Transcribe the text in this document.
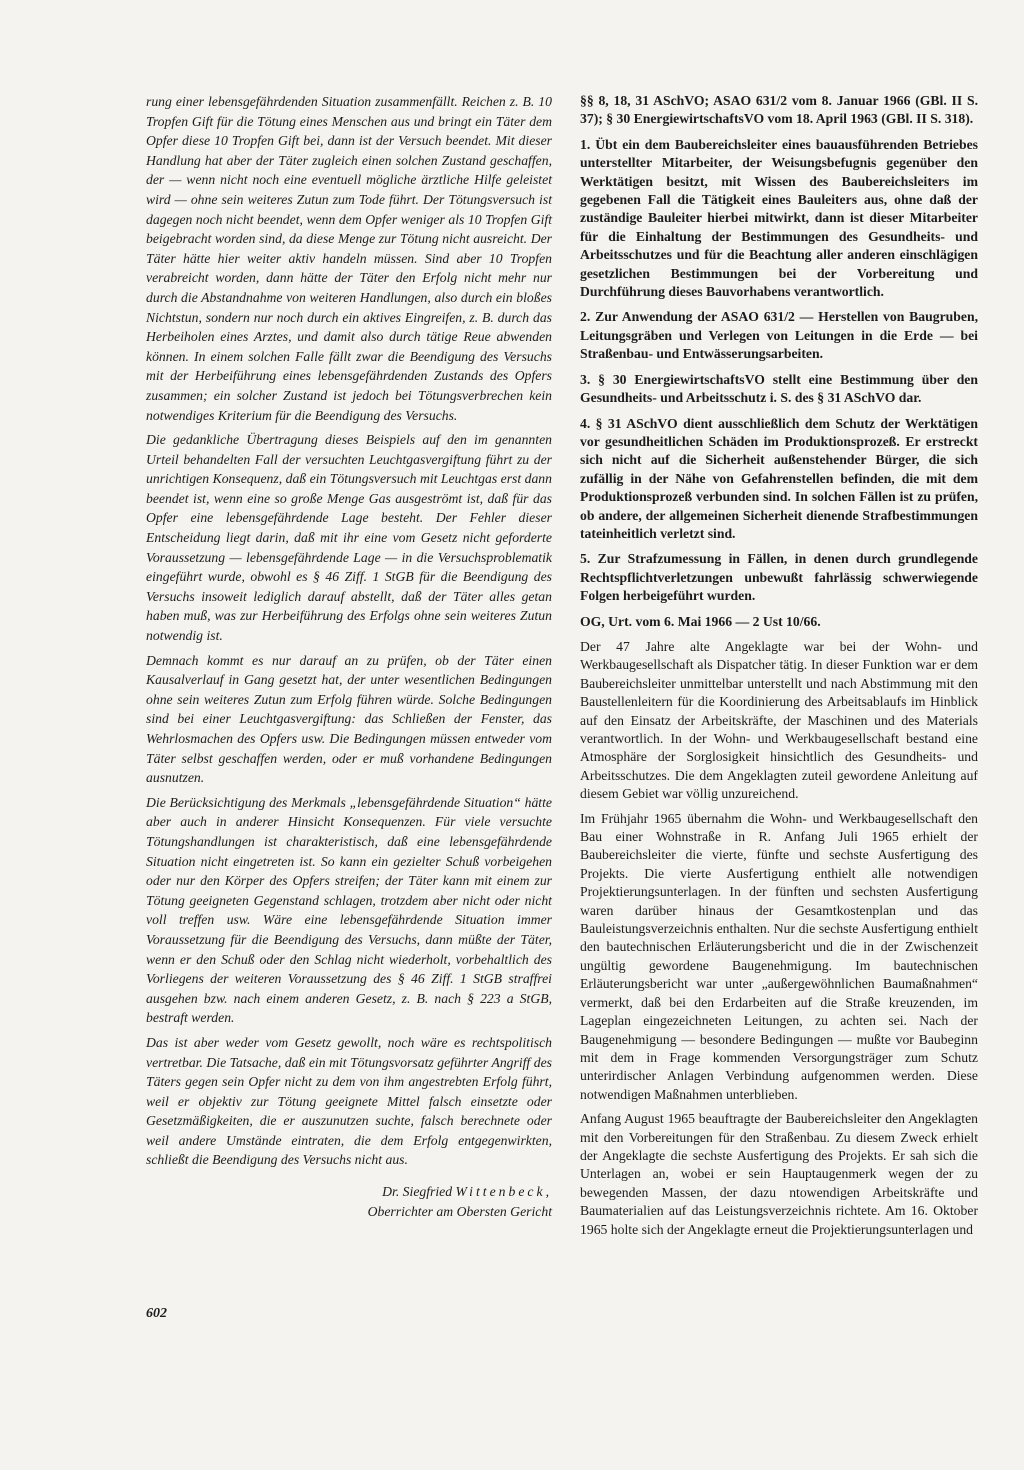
rung einer lebensgefährdenden Situation zusammenfällt. Reichen z. B. 10 Tropfen Gift für die Tötung eines Menschen aus und bringt ein Täter dem Opfer diese 10 Tropfen Gift bei, dann ist der Versuch beendet. Mit dieser Handlung hat aber der Täter zugleich einen solchen Zustand geschaffen, der — wenn nicht noch eine eventuell mögliche ärztliche Hilfe geleistet wird — ohne sein weiteres Zutun zum Tode führt. Der Tötungsversuch ist dagegen noch nicht beendet, wenn dem Opfer weniger als 10 Tropfen Gift beigebracht worden sind, da diese Menge zur Tötung nicht ausreicht. Der Täter hätte hier weiter aktiv handeln müssen. Sind aber 10 Tropfen verabreicht worden, dann hätte der Täter den Erfolg nicht mehr nur durch die Abstandnahme von weiteren Handlungen, also durch ein bloßes Nichtstun, sondern nur noch durch ein aktives Eingreifen, z. B. durch das Herbeiholen eines Arztes, und damit also durch tätige Reue abwenden können. In einem solchen Falle fällt zwar die Beendigung des Versuchs mit der Herbeiführung eines lebensgefährdenden Zustands des Opfers zusammen; ein solcher Zustand ist jedoch bei Tötungsverbrechen kein notwendiges Kriterium für die Beendigung des Versuchs.

Die gedankliche Übertragung dieses Beispiels auf den im genannten Urteil behandelten Fall der versuchten Leuchtgasvergiftung führt zu der unrichtigen Konsequenz, daß ein Tötungsversuch mit Leuchtgas erst dann beendet ist, wenn eine so große Menge Gas ausgeströmt ist, daß für das Opfer eine lebensgefährdende Lage besteht. Der Fehler dieser Entscheidung liegt darin, daß mit ihr eine vom Gesetz nicht geforderte Voraussetzung — lebensgefährdende Lage — in die Versuchsproblematik eingeführt wurde, obwohl es § 46 Ziff. 1 StGB für die Beendigung des Versuchs insoweit lediglich darauf abstellt, daß der Täter alles getan haben muß, was zur Herbeiführung des Erfolgs ohne sein weiteres Zutun notwendig ist.

Demnach kommt es nur darauf an zu prüfen, ob der Täter einen Kausalverlauf in Gang gesetzt hat, der unter wesentlichen Bedingungen ohne sein weiteres Zutun zum Erfolg führen würde. Solche Bedingungen sind bei einer Leuchtgasvergiftung: das Schließen der Fenster, das Wehrlosmachen des Opfers usw. Die Bedingungen müssen entweder vom Täter selbst geschaffen werden, oder er muß vorhandene Bedingungen ausnutzen.

Die Berücksichtigung des Merkmals „lebensgefährdende Situation“ hätte aber auch in anderer Hinsicht Konsequenzen. Für viele versuchte Tötungshandlungen ist charakteristisch, daß eine lebensgefährdende Situation nicht eingetreten ist. So kann ein gezielter Schuß vorbeigehen oder nur den Körper des Opfers streifen; der Täter kann mit einem zur Tötung geeigneten Gegenstand schlagen, trotzdem aber nicht oder nicht voll treffen usw. Wäre eine lebensgefährdende Situation immer Voraussetzung für die Beendigung des Versuchs, dann müßte der Täter, wenn er den Schuß oder den Schlag nicht wiederholt, vorbehaltlich des Vorliegens der weiteren Voraussetzung des § 46 Ziff. 1 StGB straffrei ausgehen bzw. nach einem anderen Gesetz, z. B. nach § 223 a StGB, bestraft werden.

Das ist aber weder vom Gesetz gewollt, noch wäre es rechtspolitisch vertretbar. Die Tatsache, daß ein mit Tötungsvorsatz geführter Angriff des Täters gegen sein Opfer nicht zu dem von ihm angestrebten Erfolg führt, weil er objektiv zur Tötung geeignete Mittel falsch einsetzte oder Gesetzmäßigkeiten, die er auszunutzen suchte, falsch berechnete oder weil andere Umstände eintraten, die dem Erfolg entgegenwirkten, schließt die Beendigung des Versuchs nicht aus.

Dr. Siegfried Wittenbeck,
Oberrichter am Obersten Gericht

§§ 8, 18, 31 ASchVO; ASAO 631/2 vom 8. Januar 1966 (GBl. II S. 37); § 30 EnergiewirtschaftsVO vom 18. April 1963 (GBl. II S. 318).

1. Übt ein dem Baubereichsleiter eines bauausführenden Betriebes unterstellter Mitarbeiter, der Weisungsbefugnis gegenüber den Werktätigen besitzt, mit Wissen des Baubereichsleiters im gegebenen Fall die Tätigkeit eines Bauleiters aus, ohne daß der zuständige Bauleiter hierbei mitwirkt, dann ist dieser Mitarbeiter für die Einhaltung der Bestimmungen des Gesundheits- und Arbeitsschutzes und für die Beachtung aller anderen einschlägigen gesetzlichen Bestimmungen bei der Vorbereitung und Durchführung dieses Bauvorhabens verantwortlich.

2. Zur Anwendung der ASAO 631/2 — Herstellen von Baugruben, Leitungsgräben und Verlegen von Leitungen in die Erde — bei Straßenbau- und Entwässerungsarbeiten.

3. § 30 EnergiewirtschaftsVO stellt eine Bestimmung über den Gesundheits- und Arbeitsschutz i. S. des § 31 ASchVO dar.

4. § 31 ASchVO dient ausschließlich dem Schutz der Werktätigen vor gesundheitlichen Schäden im Produktionsprozeß. Er erstreckt sich nicht auf die Sicherheit außenstehender Bürger, die sich zufällig in der Nähe von Gefahrenstellen befinden, die mit dem Produktionsprozeß verbunden sind. In solchen Fällen ist zu prüfen, ob andere, der allgemeinen Sicherheit dienende Strafbestimmungen tateinheitlich verletzt sind.

5. Zur Strafzumessung in Fällen, in denen durch grundlegende Rechtspflichtverletzungen unbewußt fahrlässig schwerwiegende Folgen herbeigeführt wurden.

OG, Urt. vom 6. Mai 1966 — 2 Ust 10/66.

Der 47 Jahre alte Angeklagte war bei der Wohn- und Werkbaugesellschaft als Dispatcher tätig. In dieser Funktion war er dem Baubereichsleiter unmittelbar unterstellt und nach Abstimmung mit den Baustellenleitern für die Koordinierung des Arbeitsablaufs im Hinblick auf den Einsatz der Arbeitskräfte, der Maschinen und des Materials verantwortlich. In der Wohn- und Werkbaugesellschaft bestand eine Atmosphäre der Sorglosigkeit hinsichtlich des Gesundheits- und Arbeitsschutzes. Die dem Angeklagten zuteil gewordene Anleitung auf diesem Gebiet war völlig unzureichend.

Im Frühjahr 1965 übernahm die Wohn- und Werkbaugesellschaft den Bau einer Wohnstraße in R. Anfang Juli 1965 erhielt der Baubereichsleiter die vierte, fünfte und sechste Ausfertigung des Projekts. Die vierte Ausfertigung enthielt alle notwendigen Projektierungsunterlagen. In der fünften und sechsten Ausfertigung waren darüber hinaus der Gesamtkostenplan und das Bauleistungsverzeichnis enthalten. Nur die sechste Ausfertigung enthielt den bautechnischen Erläuterungsbericht und die in der Zwischenzeit ungültig gewordene Baugenehmigung. Im bautechnischen Erläuterungsbericht war unter „außergewöhnlichen Baumaßnahmen“ vermerkt, daß bei den Erdarbeiten auf die Straße kreuzenden, im Lageplan eingezeichneten Leitungen, zu achten sei. Nach der Baugenehmigung — besondere Bedingungen — mußte vor Baubeginn mit dem in Frage kommenden Versorgungsträger zum Schutz unterirdischer Anlagen Verbindung aufgenommen werden. Diese notwendigen Maßnahmen unterblieben.

Anfang August 1965 beauftragte der Baubereichsleiter den Angeklagten mit den Vorbereitungen für den Straßenbau. Zu diesem Zweck erhielt der Angeklagte die sechste Ausfertigung des Projekts. Er sah sich die Unterlagen an, wobei er sein Hauptaugenmerk wegen der zu bewegenden Massen, der dazu ntowendigen Arbeitskräfte und Baumaterialien auf das Leistungsverzeichnis richtete. Am 16. Oktober 1965 holte sich der Angeklagte erneut die Projektierungsunterlagen und

602
